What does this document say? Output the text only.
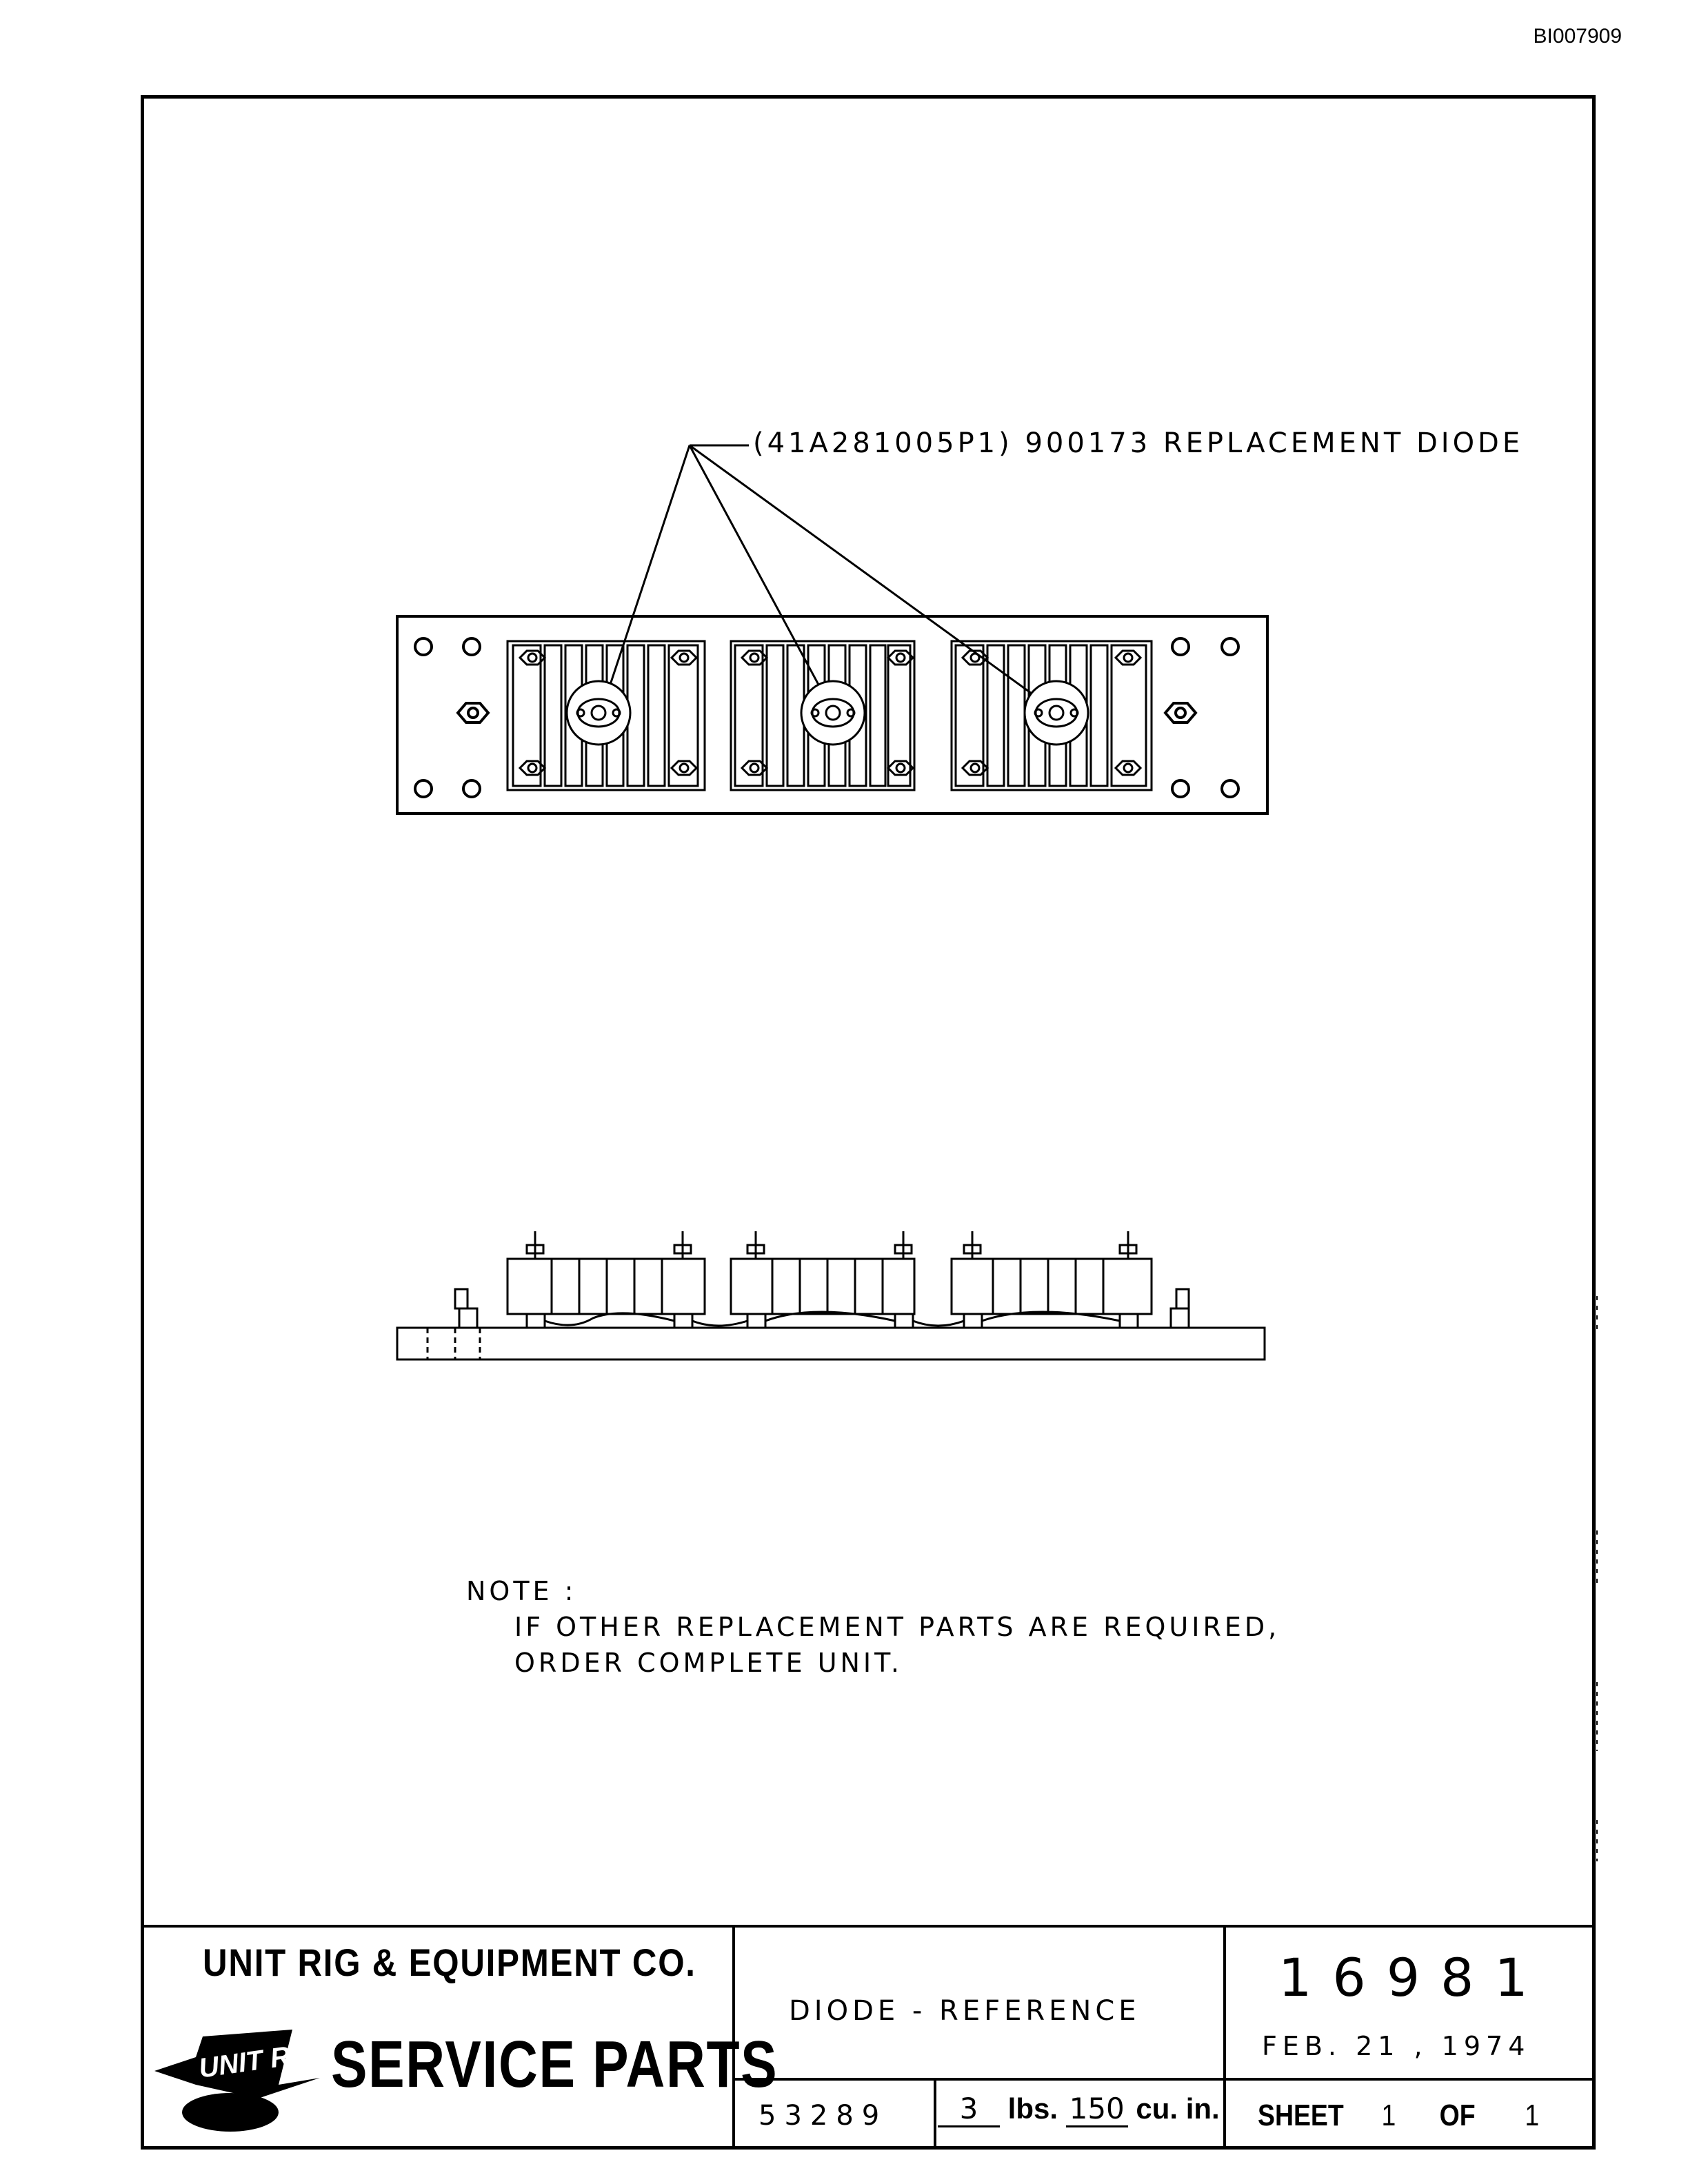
BI007909
(41A281005P1) 900173 REPLACEMENT DIODE
NOTE :
IF OTHER REPLACEMENT PARTS ARE REQUIRED,
ORDER COMPLETE UNIT.
UNIT RIG & EQUIPMENT CO.
UNIT RIG SERVICE PARTS
DIODE - REFERENCE
16981
FEB. 21 , 1974
53289	3 lbs. 150 cu. in. SHEET 1 OF 1
